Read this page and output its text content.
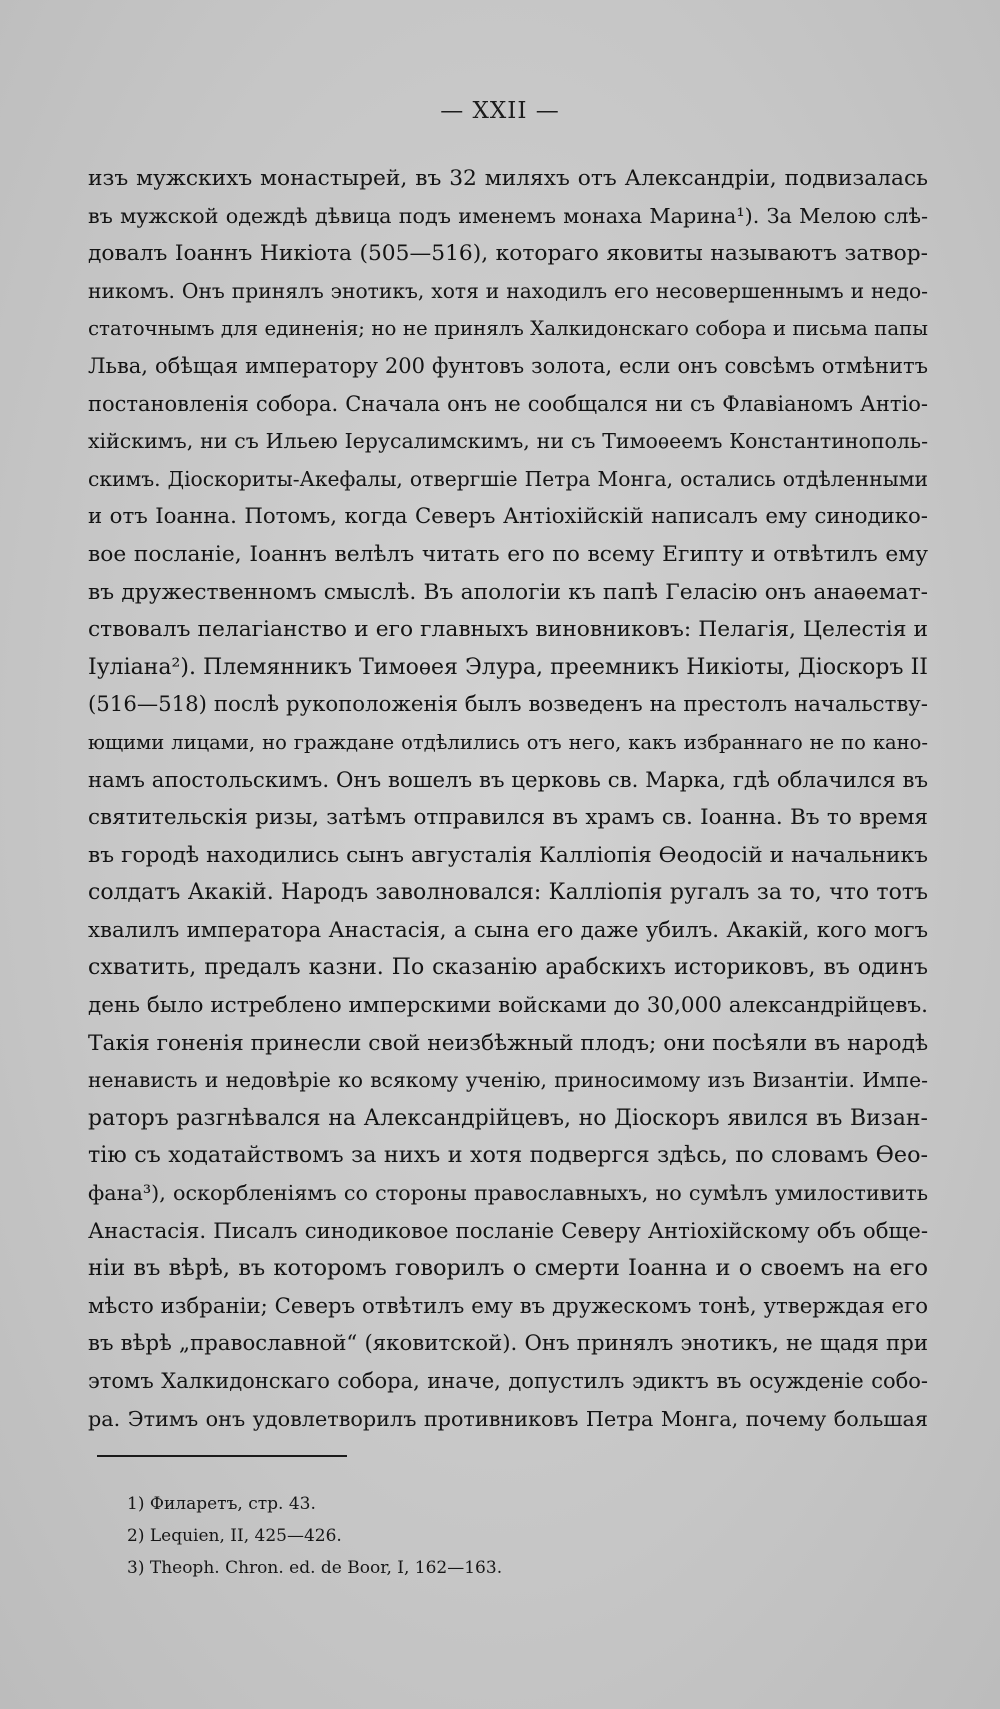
— XXII —
изъ мужскихъ монастырей, въ 32 миляхъ отъ Александріи, подвизалась
въ мужской одеждѣ дѣвица подъ именемъ монаха Марина¹). За Мелою слѣ-
довалъ Іоаннъ Никіота (505—516), котораго яковиты называютъ затвор-
никомъ. Онъ принялъ энотикъ, хотя и находилъ его несовершеннымъ и недо-
статочнымъ для единенія; но не принялъ Халкидонскаго собора и письма папы
Льва, обѣщая императору 200 фунтовъ золота, если онъ совсѣмъ отмѣнитъ
постановленія собора. Сначала онъ не сообщался ни съ Флавіаномъ Антіо-
хійскимъ, ни съ Ильею Іерусалимскимъ, ни съ Тимоѳеемъ Константинополь-
скимъ. Діоскориты-Акефалы, отвергшіе Петра Монга, остались отдѣленными
и отъ Іоанна. Потомъ, когда Северъ Антіохійскій написалъ ему синодико-
вое посланіе, Іоаннъ велѣлъ читать его по всему Египту и отвѣтилъ ему
въ дружественномъ смыслѣ. Въ апологіи къ папѣ Геласію онъ анаѳемат-
ствовалъ пелагіанство и его главныхъ виновниковъ: Пелагія, Целестія и
Іуліана²). Племянникъ Тимоѳея Элура, преемникъ Никіоты, Діоскоръ II
(516—518) послѣ рукоположенія былъ возведенъ на престолъ начальству-
ющими лицами, но граждане отдѣлились отъ него, какъ избраннаго не по кано-
намъ апостольскимъ. Онъ вошелъ въ церковь св. Марка, гдѣ облачился въ
святительскія ризы, затѣмъ отправился въ храмъ св. Іоанна. Въ то время
въ городѣ находились сынъ августалія Калліопія Ѳеодосій и начальникъ
солдатъ Акакій. Народъ заволновался: Калліопія ругалъ за то, что тотъ
хвалилъ императора Анастасія, а сына его даже убилъ. Акакій, кого могъ
схватить, предалъ казни. По сказанію арабскихъ историковъ, въ одинъ
день было истреблено имперскими войсками до 30,000 александрійцевъ.
Такія гоненія принесли свой неизбѣжный плодъ; они посѣяли въ народѣ
ненависть и недовѣріе ко всякому ученію, приносимому изъ Византіи. Импе-
раторъ разгнѣвался на Александрійцевъ, но Діоскоръ явился въ Визан-
тію съ ходатайствомъ за нихъ и хотя подвергся здѣсь, по словамъ Ѳео-
фана³), оскорбленіямъ со стороны православныхъ, но сумѣлъ умилостивить
Анастасія. Писалъ синодиковое посланіе Северу Антіохійскому объ обще-
ніи въ вѣрѣ, въ которомъ говорилъ о смерти Іоанна и о своемъ на его
мѣсто избраніи; Северъ отвѣтилъ ему въ дружескомъ тонѣ, утверждая его
въ вѣрѣ „православной“ (яковитской). Онъ принялъ энотикъ, не щадя при
этомъ Халкидонскаго собора, иначе, допустилъ эдиктъ въ осужденіе собо-
ра. Этимъ онъ удовлетворилъ противниковъ Петра Монга, почему большая
1) Филаретъ, стр. 43.
2) Lequien, II, 425—426.
3) Theoph. Chron. ed. de Boor, I, 162—163.
